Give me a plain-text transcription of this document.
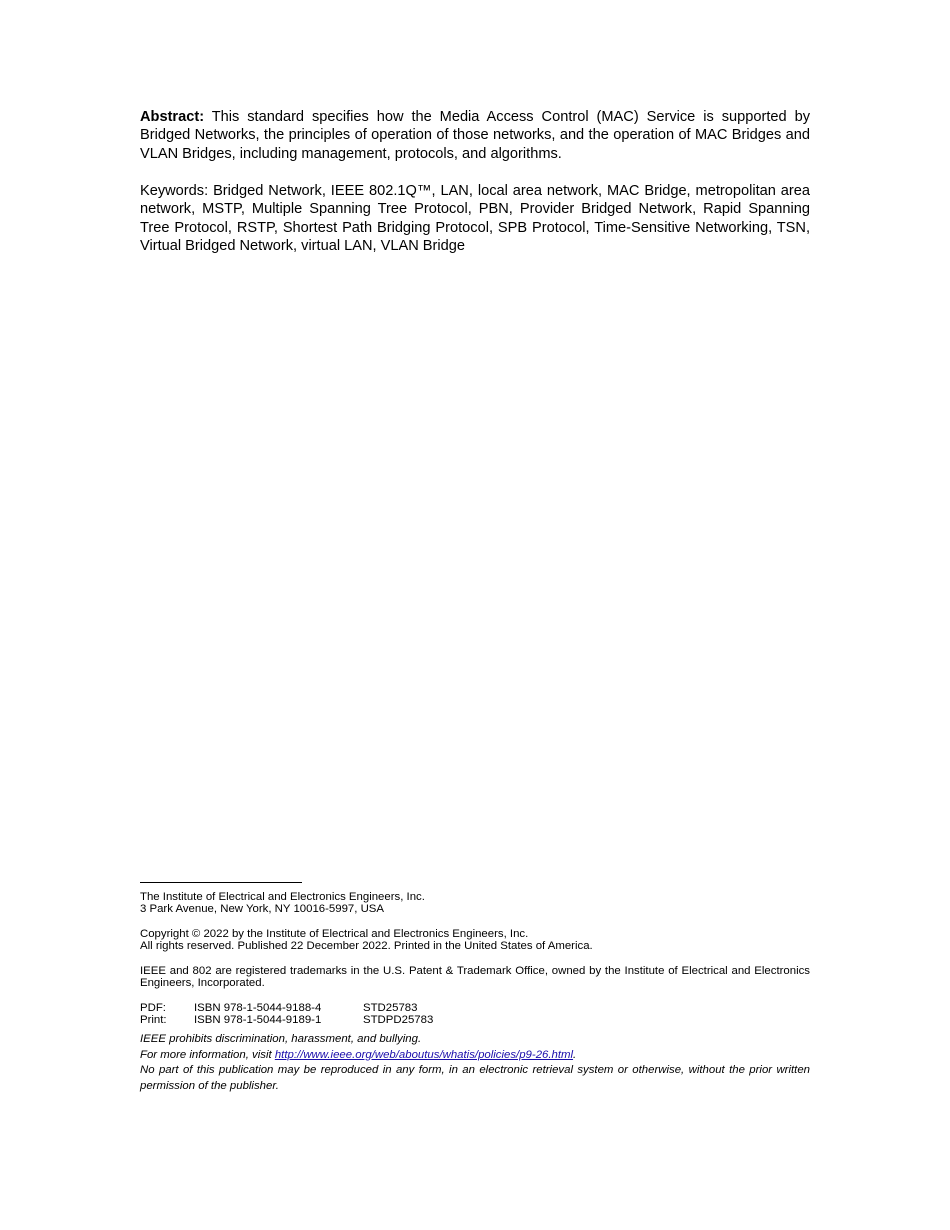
Abstract: This standard specifies how the Media Access Control (MAC) Service is supported by Bridged Networks, the principles of operation of those networks, and the operation of MAC Bridges and VLAN Bridges, including management, protocols, and algorithms.
Keywords: Bridged Network, IEEE 802.1Q™, LAN, local area network, MAC Bridge, metropolitan area network, MSTP, Multiple Spanning Tree Protocol, PBN, Provider Bridged Network, Rapid Spanning Tree Protocol, RSTP, Shortest Path Bridging Protocol, SPB Protocol, Time-Sensitive Networking, TSN, Virtual Bridged Network, virtual LAN, VLAN Bridge

The Institute of Electrical and Electronics Engineers, Inc.

3 Park Avenue, New York, NY 10016-5997, USA

Copyright © 2022 by the Institute of Electrical and Electronics Engineers, Inc.

All rights reserved. Published 22 December 2022. Printed in the United States of America.

IEEE and 802 are registered trademarks in the U.S. Patent & Trademark Office, owned by the Institute of Electrical and Electronics Engineers, Incorporated.
PDF:	ISBN 978-1-5044-9188-4	STD25783
Print:	ISBN 978-1-5044-9189-1	STDPD25783

IEEE prohibits discrimination, harassment, and bullying.

For more information, visit http://www.ieee.org/web/aboutus/whatis/policies/p9-26.html.

No part of this publication may be reproduced in any form, in an electronic retrieval system or otherwise, without the prior written permission of the publisher.
